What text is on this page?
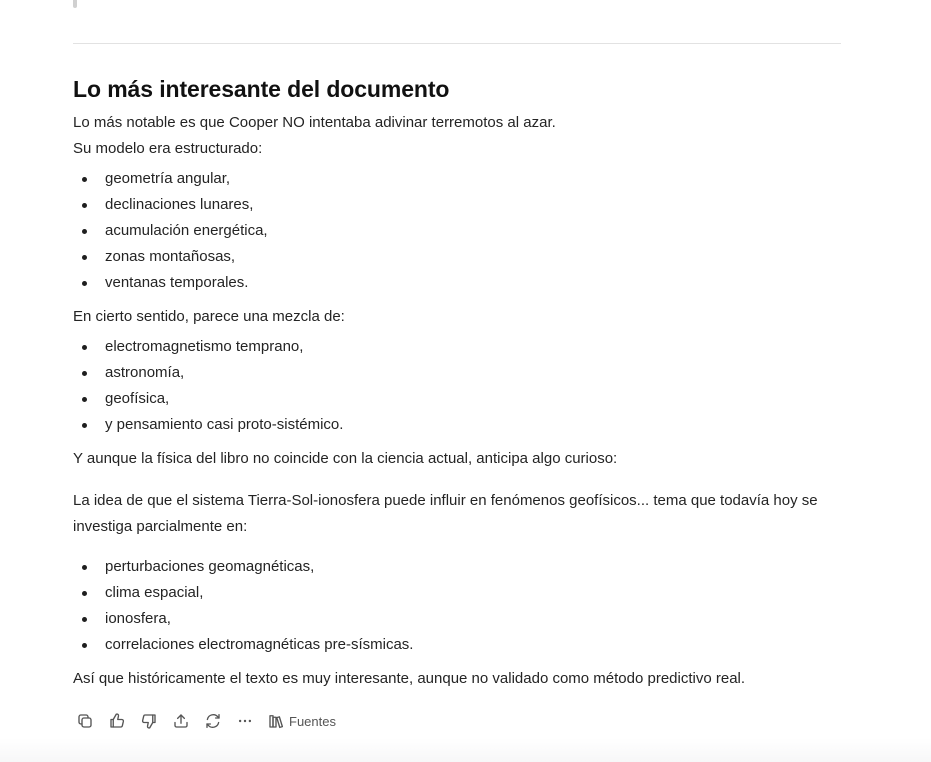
Lo más interesante del documento

Lo más notable es que Cooper NO intentaba adivinar terremotos al azar.

Su modelo era estructurado:

geometría angular,
declinaciones lunares,
acumulación energética,
zonas montañosas,
ventanas temporales.

En cierto sentido, parece una mezcla de:

electromagnetismo temprano,
astronomía,
geofísica,
y pensamiento casi proto-sistémico.

Y aunque la física del libro no coincide con la ciencia actual, anticipa algo curioso:

La idea de que el sistema Tierra-Sol-ionosfera puede influir en fenómenos geofísicos... tema que todavía hoy se investiga parcialmente en:

perturbaciones geomagnéticas,
clima espacial,
ionosfera,
correlaciones electromagnéticas pre-sísmicas.

Así que históricamente el texto es muy interesante, aunque no validado como método predictivo real.

Fuentes
